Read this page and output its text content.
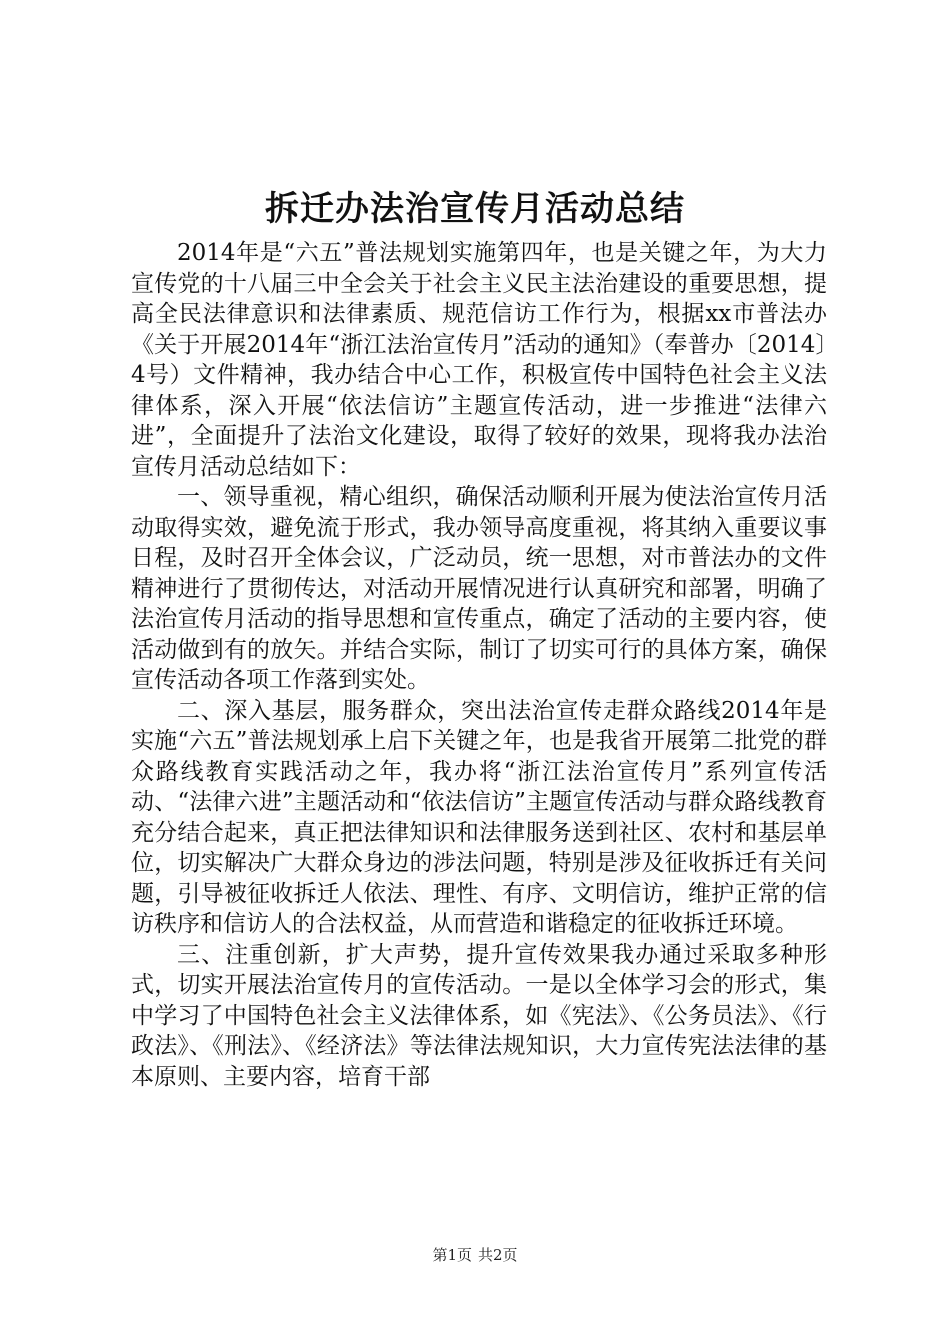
拆迁办法治宣传月活动总结

2014年是“六五”普法规划实施第四年，也是关键之年，为大力宣传党的十八届三中全会关于社会主义民主法治建设的重要思想，提高全民法律意识和法律素质、规范信访工作行为，根据xx市普法办《关于开展2014年“浙江法治宣传月”活动的通知》（奉普办〔2014〕4号）文件精神，我办结合中心工作，积极宣传中国特色社会主义法律体系，深入开展“依法信访”主题宣传活动，进一步推进“法律六进”，全面提升了法治文化建设，取得了较好的效果，现将我办法治宣传月活动总结如下：

一、领导重视，精心组织，确保活动顺利开展为使法治宣传月活动取得实效，避免流于形式，我办领导高度重视，将其纳入重要议事日程，及时召开全体会议，广泛动员，统一思想，对市普法办的文件精神进行了贯彻传达，对活动开展情况进行认真研究和部署，明确了法治宣传月活动的指导思想和宣传重点，确定了活动的主要内容，使活动做到有的放矢。并结合实际，制订了切实可行的具体方案，确保宣传活动各项工作落到实处。

二、深入基层，服务群众，突出法治宣传走群众路线2014年是实施“六五”普法规划承上启下关键之年，也是我省开展第二批党的群众路线教育实践活动之年，我办将“浙江法治宣传月”系列宣传活动、“法律六进”主题活动和“依法信访”主题宣传活动与群众路线教育充分结合起来，真正把法律知识和法律服务送到社区、农村和基层单位，切实解决广大群众身边的涉法问题，特别是涉及征收拆迁有关问题，引导被征收拆迁人依法、理性、有序、文明信访，维护正常的信访秩序和信访人的合法权益，从而营造和谐稳定的征收拆迁环境。

三、注重创新，扩大声势，提升宣传效果我办通过采取多种形式，切实开展法治宣传月的宣传活动。一是以全体学习会的形式，集中学习了中国特色社会主义法律体系，如《宪法》、《公务员法》、《行政法》、《刑法》、《经济法》等法律法规知识，大力宣传宪法法律的基本原则、主要内容，培育干部

第1页 共2页
